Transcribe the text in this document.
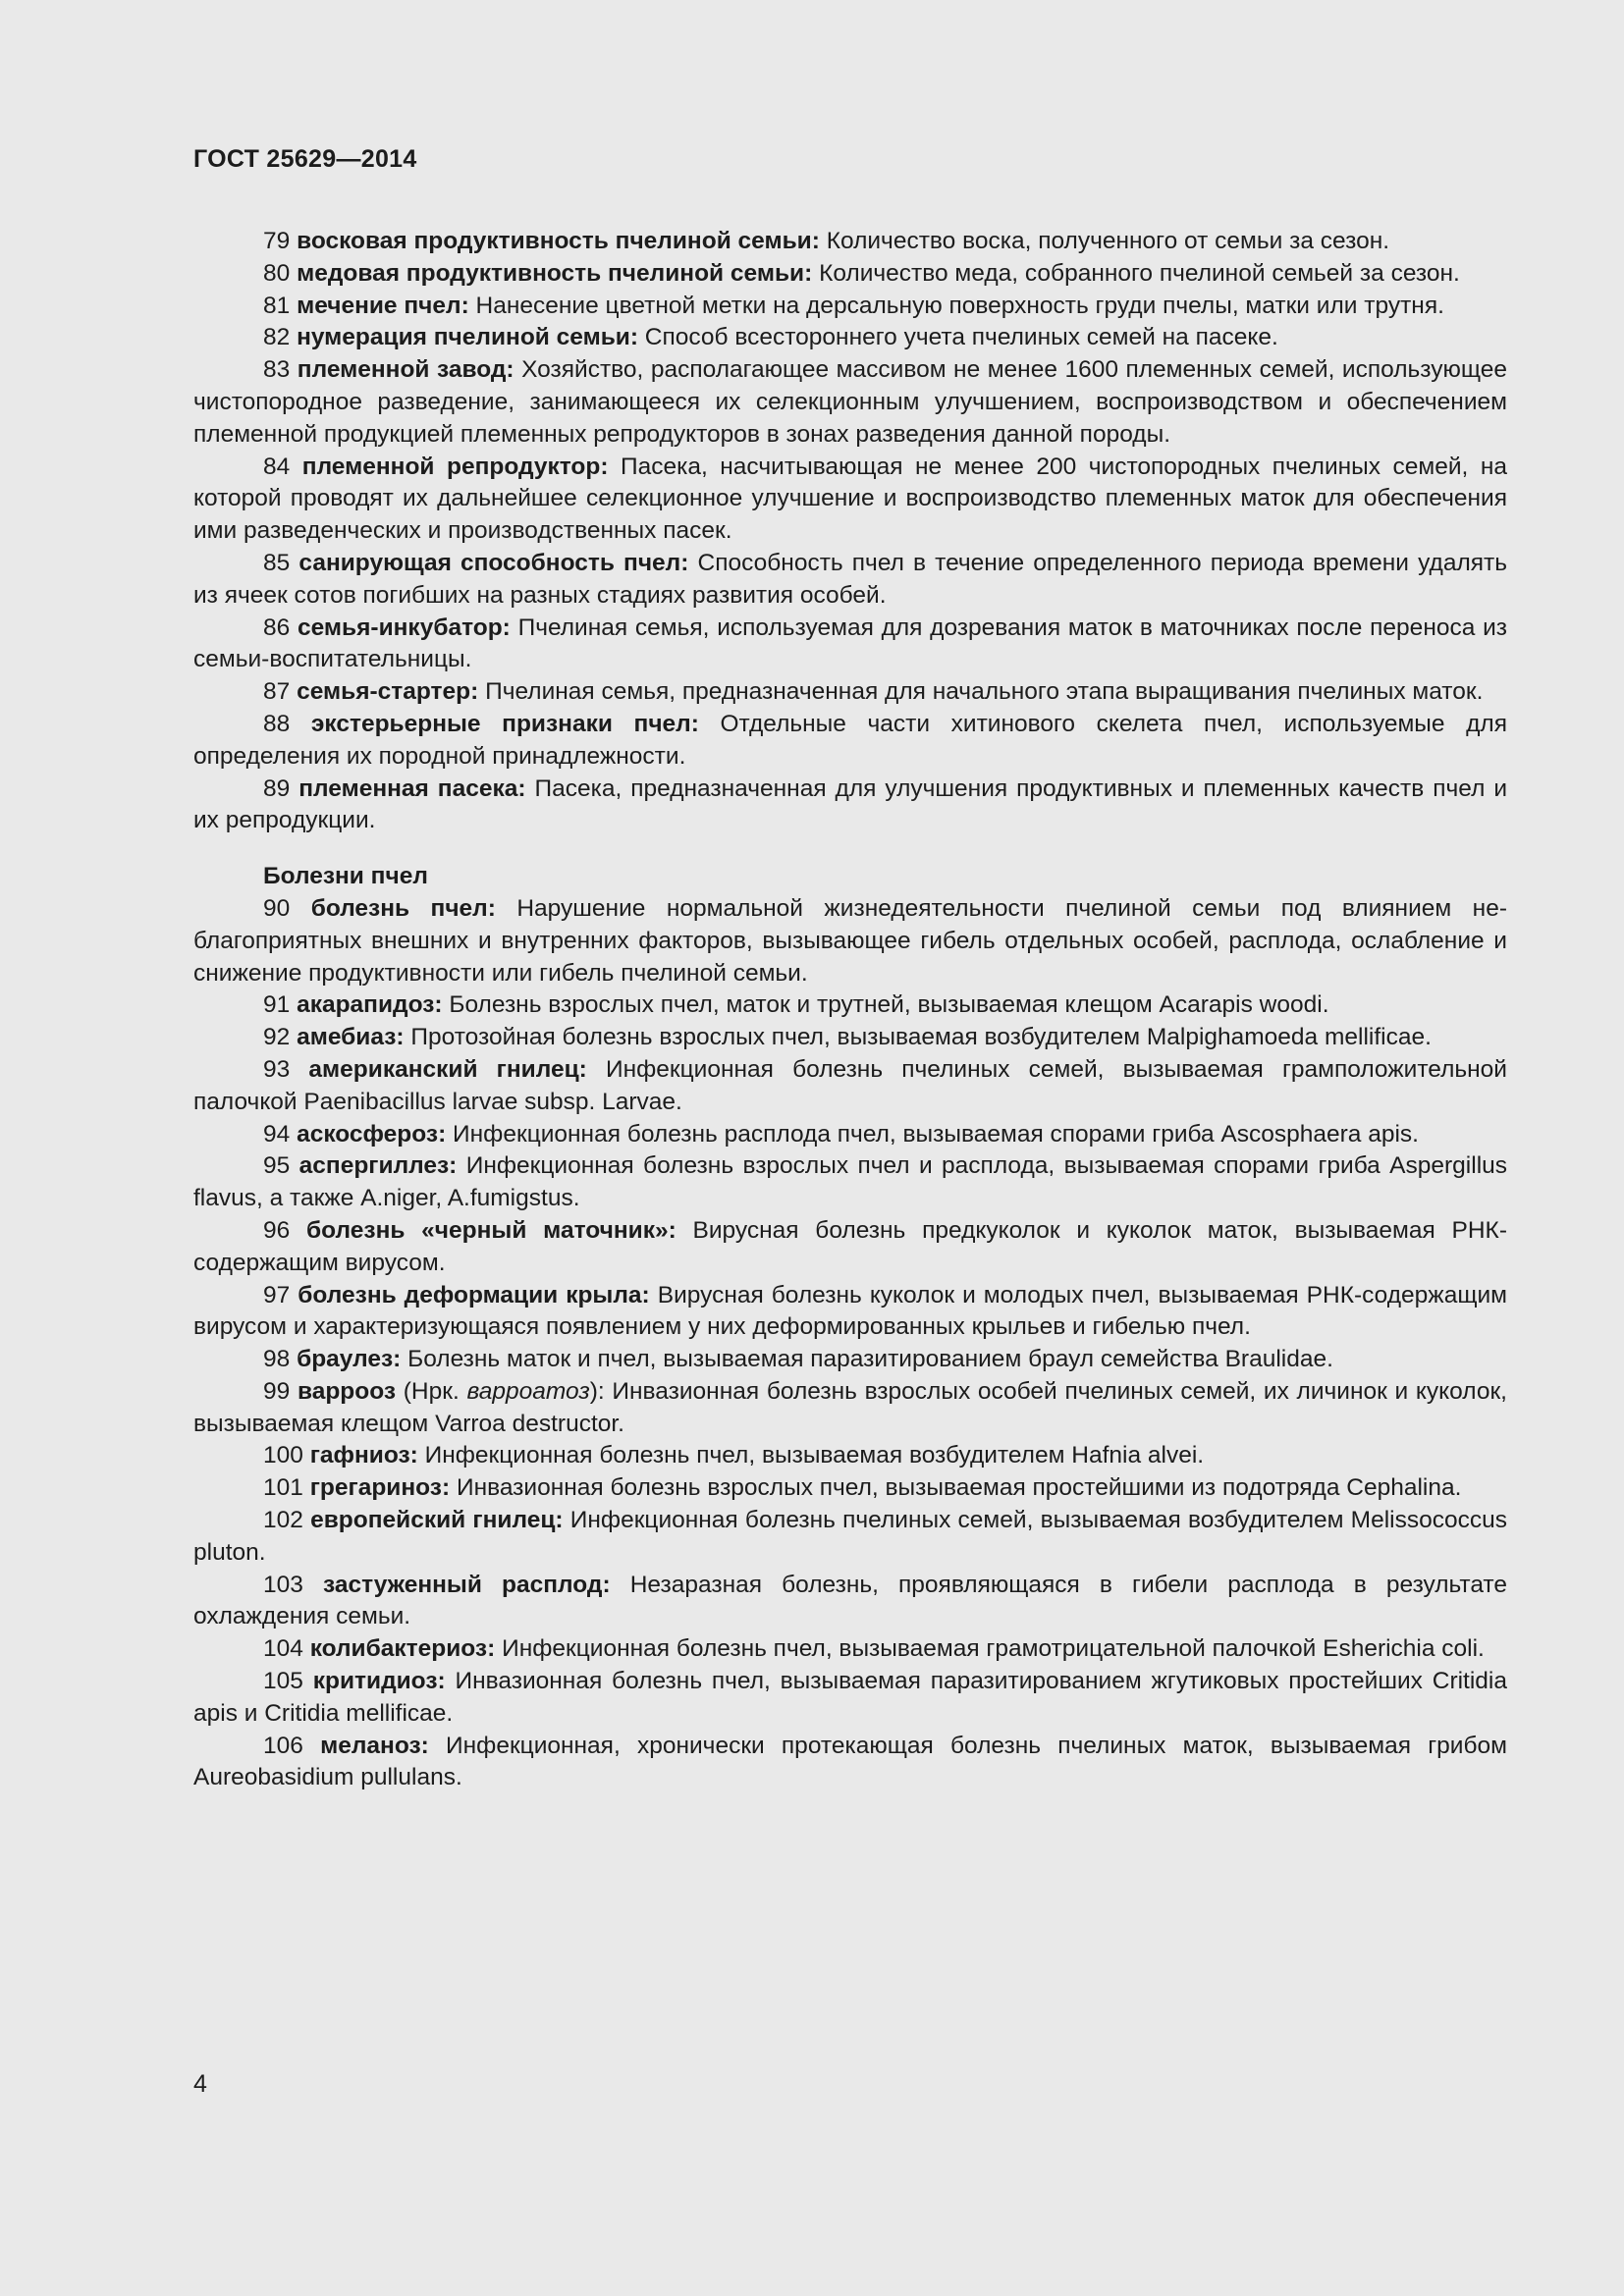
ГОСТ 25629—2014

79 восковая продуктивность пчелиной семьи: Количество воска, полученного от семьи за сезон.

80 медовая продуктивность пчелиной семьи: Количество меда, собранного пчелиной семьей за сезон.

81 мечение пчел: Нанесение цветной метки на дерсальную поверхность груди пчелы, матки или трутня.

82 нумерация пчелиной семьи: Способ всестороннего учета пчелиных семей на пасеке.

83 племенной завод: Хозяйство, располагающее массивом не менее 1600 племенных семей, использующее чистопородное разведение, занимающееся их селекционным улучшением, воспроизводством и обеспечением племенной продукцией племенных репродукторов в зонах разведения данной породы.

84 племенной репродуктор: Пасека, насчитывающая не менее 200 чистопородных пчелиных семей, на которой проводят их дальнейшее селекционное улучшение и воспроизводство племенных маток для обеспечения ими разведенческих и производственных пасек.

85 санирующая способность пчел: Способность пчел в течение определенного периода времени удалять из ячеек сотов погибших на разных стадиях развития особей.

86 семья-инкубатор: Пчелиная семья, используемая для дозревания маток в маточниках после переноса из семьи-воспитательницы.

87 семья-стартер: Пчелиная семья, предназначенная для начального этапа выращивания пчелиных маток.

88 экстерьерные признаки пчел: Отдельные части хитинового скелета пчел, используемые для определения их породной принадлежности.

89 племенная пасека: Пасека, предназначенная для улучшения продуктивных и племенных качеств пчел и их репродукции.

Болезни пчел

90 болезнь пчел: Нарушение нормальной жизнедеятельности пчелиной семьи под влиянием неблагоприятных внешних и внутренних факторов, вызывающее гибель отдельных особей, расплода, ослабление и снижение продуктивности или гибель пчелиной семьи.

91 акарапидоз: Болезнь взрослых пчел, маток и трутней, вызываемая клещом Acarapis woodi.

92 амебиаз: Протозойная болезнь взрослых пчел, вызываемая возбудителем Malpighamoeda mellificae.

93 американский гнилец: Инфекционная болезнь пчелиных семей, вызываемая грамположительной палочкой Paenibacillus larvae subsp. Larvae.

94 аскосфероз: Инфекционная болезнь расплода пчел, вызываемая спорами гриба Ascosphaera apis.

95 аспергиллез: Инфекционная болезнь взрослых пчел и расплода, вызываемая спорами гриба Aspergillus flavus, а также A.niger, A.fumigstus.

96 болезнь «черный маточник»: Вирусная болезнь предкуколок и куколок маток, вызываемая РНК-содержащим вирусом.

97 болезнь деформации крыла: Вирусная болезнь куколок и молодых пчел, вызываемая РНК-содержащим вирусом и характеризующаяся появлением у них деформированных крыльев и гибелью пчел.

98 браулез: Болезнь маток и пчел, вызываемая паразитированием браул семейства Braulidae.

99 варрооз (Нрк. варроатоз): Инвазионная болезнь взрослых особей пчелиных семей, их личинок и куколок, вызываемая клещом Varroa destructor.

100 гафниоз: Инфекционная болезнь пчел, вызываемая возбудителем Hafnia alvei.

101 грегариноз: Инвазионная болезнь взрослых пчел, вызываемая простейшими из подотряда Cephalina.

102 европейский гнилец: Инфекционная болезнь пчелиных семей, вызываемая возбудителем Melissococcus pluton.

103 застуженный расплод: Незаразная болезнь, проявляющаяся в гибели расплода в результате охлаждения семьи.

104 колибактериоз: Инфекционная болезнь пчел, вызываемая грамотрицательной палочкой Esherichia coli.

105 критидиоз: Инвазионная болезнь пчел, вызываемая паразитированием жгутиковых простейших Critidia apis и Critidia mellificae.

106 меланоз: Инфекционная, хронически протекающая болезнь пчелиных маток, вызываемая грибом Aureobasidium pullulans.

4
